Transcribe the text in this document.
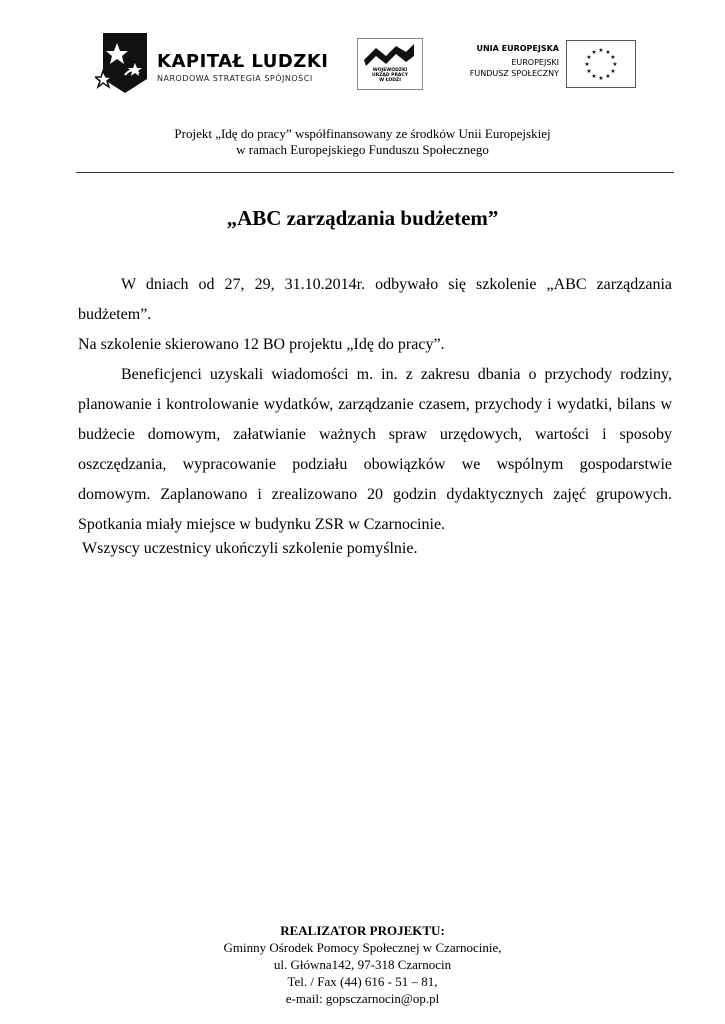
KAPITAŁ LUDZKI
NARODOWA STRATEGIA SPÓJNOŚCI
WOJEWÓDZKI
URZĄD PRACY
W ŁODZI
UNIA EUROPEJSKA
EUROPEJSKI
FUNDUSZ SPOŁECZNY
★ ★
★
★
★
★
★
★
★
★
★
★
Projekt „Idę do pracy” współfinansowany ze środków Unii Europejskiej
w ramach Europejskiego Funduszu Społecznego
„ABC zarządzania budżetem”
W dniach od 27, 29, 31.10.2014r. odbywało się szkolenie „ABC zarządzania budżetem”.
Na szkolenie skierowano 12 BO projektu „Idę do pracy”.
Beneficjenci uzyskali wiadomości m. in. z zakresu dbania o przychody rodziny, planowanie i kontrolowanie wydatków, zarządzanie czasem, przychody i wydatki, bilans w budżecie domowym, załatwianie ważnych spraw urzędowych, wartości i sposoby oszczędzania, wypracowanie podziału obowiązków we wspólnym gospodarstwie domowym. Zaplanowano i zrealizowano 20 godzin dydaktycznych zajęć grupowych. Spotkania miały miejsce w budynku ZSR w Czarnocinie.
Wszyscy uczestnicy ukończyli szkolenie pomyślnie.
REALIZATOR PROJEKTU:
Gminny Ośrodek Pomocy Społecznej w Czarnocinie,
ul. Główna142, 97-318 Czarnocin
Tel. / Fax (44) 616 - 51 – 81,
e-mail: gopsczarnocin@op.pl
